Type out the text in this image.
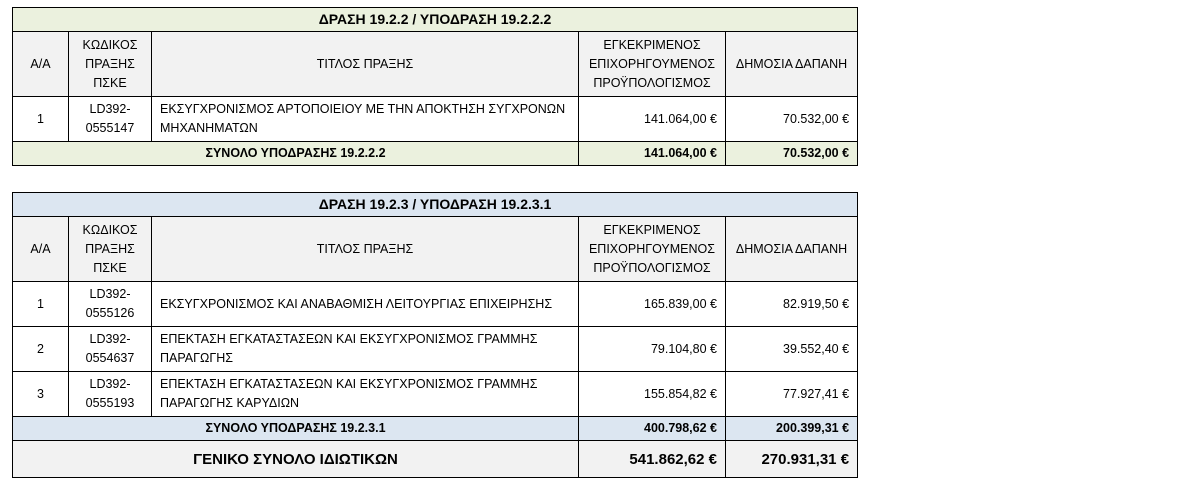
ΔΡΑΣΗ 19.2.2 / ΥΠΟΔΡΑΣΗ 19.2.2.2				
Α/Α	ΚΩΔΙΚΟΣ ΠΡΑΞΗΣ ΠΣΚΕ	ΤΙΤΛΟΣ ΠΡΑΞΗΣ	ΕΓΚΕΚΡΙΜΕΝΟΣ ΕΠΙΧΟΡΗΓΟΥΜΕΝΟΣ ΠΡΟΫΠΟΛΟΓΙΣΜΟΣ	ΔΗΜΟΣΙΑ ΔΑΠΑΝΗ
1	LD392-0555147	ΕΚΣΥΓΧΡΟΝΙΣΜΟΣ ΑΡΤΟΠΟΙΕΙΟΥ ΜΕ ΤΗΝ ΑΠΟΚΤΗΣΗ ΣΥΓΧΡΟΝΩΝ ΜΗΧΑΝΗΜΑΤΩΝ	141.064,00 €	70.532,00 €
ΣΥΝΟΛΟ ΥΠΟΔΡΑΣΗΣ 19.2.2.2			141.064,00 €	70.532,00 €
ΔΡΑΣΗ 19.2.3 / ΥΠΟΔΡΑΣΗ 19.2.3.1				
Α/Α	ΚΩΔΙΚΟΣ ΠΡΑΞΗΣ ΠΣΚΕ	ΤΙΤΛΟΣ ΠΡΑΞΗΣ	ΕΓΚΕΚΡΙΜΕΝΟΣ ΕΠΙΧΟΡΗΓΟΥΜΕΝΟΣ ΠΡΟΫΠΟΛΟΓΙΣΜΟΣ	ΔΗΜΟΣΙΑ ΔΑΠΑΝΗ
1	LD392-0555126	ΕΚΣΥΓΧΡΟΝΙΣΜΟΣ ΚΑΙ ΑΝΑΒΑΘΜΙΣΗ ΛΕΙΤΟΥΡΓΙΑΣ ΕΠΙΧΕΙΡΗΣΗΣ	165.839,00 €	82.919,50 €
2	LD392-0554637	ΕΠΕΚΤΑΣΗ ΕΓΚΑΤΑΣΤΑΣΕΩΝ ΚΑΙ ΕΚΣΥΓΧΡΟΝΙΣΜΟΣ ΓΡΑΜΜΗΣ ΠΑΡΑΓΩΓΗΣ	79.104,80 €	39.552,40 €
3	LD392-0555193	ΕΠΕΚΤΑΣΗ ΕΓΚΑΤΑΣΤΑΣΕΩΝ ΚΑΙ ΕΚΣΥΓΧΡΟΝΙΣΜΟΣ ΓΡΑΜΜΗΣ ΠΑΡΑΓΩΓΗΣ ΚΑΡΥΔΙΩΝ	155.854,82 €	77.927,41 €
ΣΥΝΟΛΟ ΥΠΟΔΡΑΣΗΣ 19.2.3.1			400.798,62 €	200.399,31 €
ΓΕΝΙΚΟ ΣΥΝΟΛΟ ΙΔΙΩΤΙΚΩΝ			541.862,62 €	270.931,31 €
